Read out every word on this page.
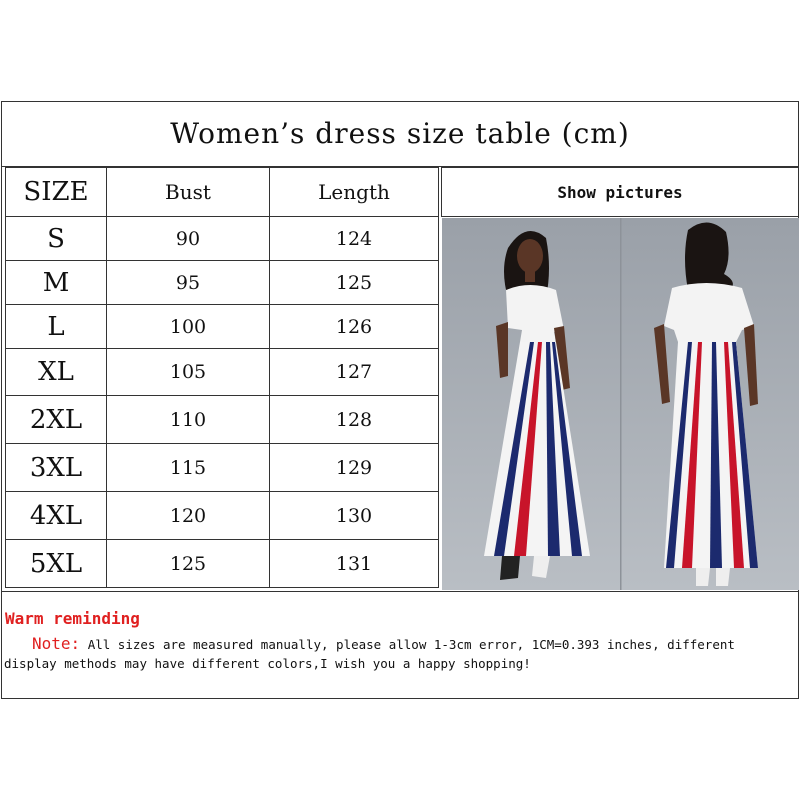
Women’s dress size table (cm)
SIZE	Bust	Length
S	90	124
M	95	125
L	100	126
XL	105	127
2XL	110	128
3XL	115	129
4XL	120	130
5XL	125	131
Show pictures
Warm reminding
Note: All sizes are measured manually, please allow 1-3cm error, 1CM=0.393 inches, different display methods may have different colors,I wish you a happy shopping!
